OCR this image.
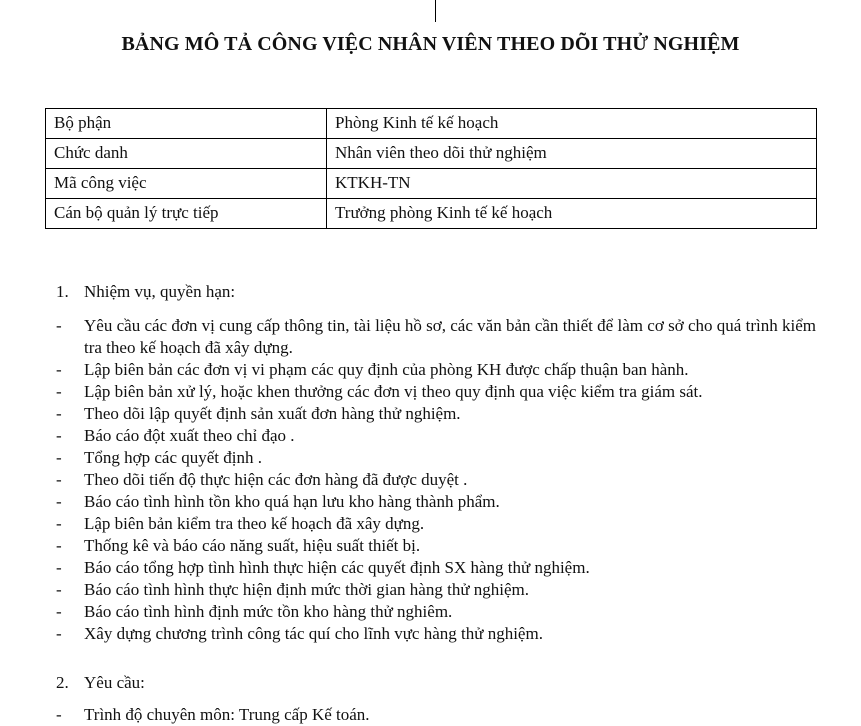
BẢNG MÔ TẢ CÔNG VIỆC NHÂN VIÊN THEO DÕI THỬ NGHIỆM
Bộ phận	Phòng Kinh tế kế hoạch
Chức danh	Nhân viên theo dõi thử nghiệm
Mã công việc	KTKH-TN
Cán bộ quản lý trực tiếp	Trưởng phòng Kinh tế kế hoạch

1. Nhiệm vụ, quyền hạn:

- Yêu cầu các đơn vị cung cấp thông tin, tài liệu hồ sơ, các văn bản cần thiết để làm cơ sở cho quá trình kiểm tra theo kế hoạch đã xây dựng.
- Lập biên bản các đơn vị vi phạm các quy định của phòng KH được chấp thuận ban hành.
- Lập biên bản xử lý, hoặc khen thưởng các đơn vị theo quy định qua việc kiểm tra giám sát.
- Theo dõi lập quyết định sản xuất đơn hàng thử nghiệm.
- Báo cáo đột xuất theo chỉ đạo .
- Tổng hợp các quyết định .
- Theo dõi tiến độ thực hiện các đơn hàng đã được duyệt .
- Báo cáo tình hình tồn kho quá hạn lưu kho hàng thành phẩm.
- Lập biên bản kiểm tra theo kế hoạch đã xây dựng.
- Thống kê và báo cáo năng suất, hiệu suất thiết bị.
- Báo cáo tổng hợp tình hình thực hiện các quyết định SX hàng thử nghiệm.
- Báo cáo tình hình thực hiện định mức thời gian hàng thử nghiệm.
- Báo cáo tình hình định mức tồn kho hàng thử nghiêm.
- Xây dựng chương trình công tác quí cho lĩnh vực hàng thử nghiệm.

2. Yêu cầu:

- Trình độ chuyên môn: Trung cấp Kế toán.
